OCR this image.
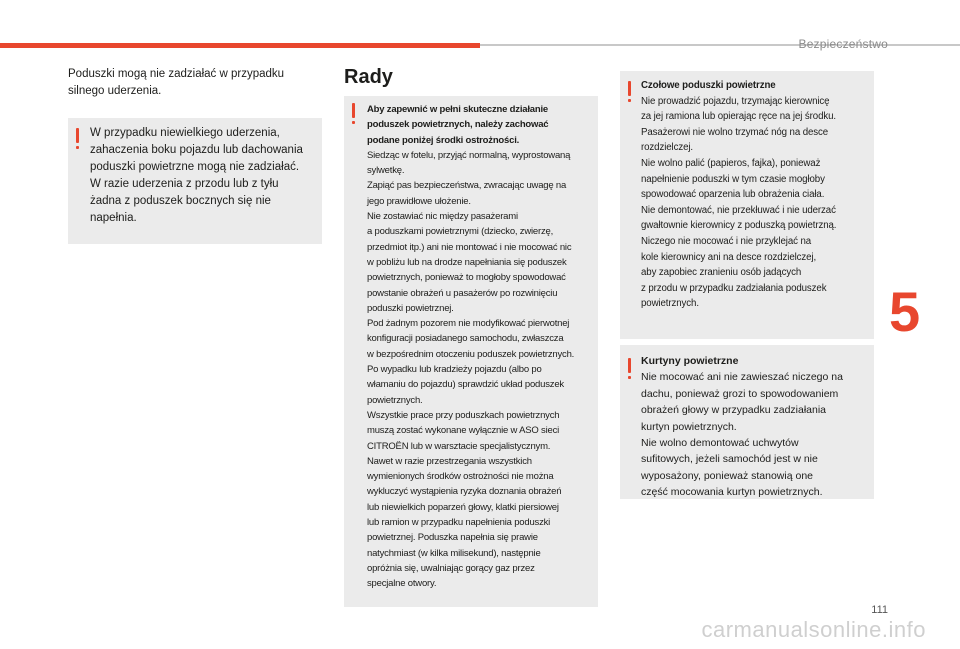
Bezpieczeństwo
Poduszki mogą nie zadziałać w przypadku
silnego uderzenia.
W przypadku niewielkiego uderzenia,
zahaczenia boku pojazdu lub dachowania
poduszki powietrzne mogą nie zadziałać.
W razie uderzenia z przodu lub z tyłu
żadna z poduszek bocznych się nie
napełnia.
Rady
Aby zapewnić w pełni skuteczne działanie
poduszek powietrznych, należy zachować
podane poniżej środki ostrożności.
Siedząc w fotelu, przyjąć normalną, wyprostowaną
sylwetkę.
Zapiąć pas bezpieczeństwa, zwracając uwagę na
jego prawidłowe ułożenie.
Nie zostawiać nic między pasażerami
a poduszkami powietrznymi (dziecko, zwierzę,
przedmiot itp.) ani nie montować i nie mocować nic
w pobliżu lub na drodze napełniania się poduszek
powietrznych, ponieważ to mogłoby spowodować
powstanie obrażeń u pasażerów po rozwinięciu
poduszki powietrznej.
Pod żadnym pozorem nie modyfikować pierwotnej
konfiguracji posiadanego samochodu, zwłaszcza
w bezpośrednim otoczeniu poduszek powietrznych.
Po wypadku lub kradzieży pojazdu (albo po
włamaniu do pojazdu) sprawdzić układ poduszek
powietrznych.
Wszystkie prace przy poduszkach powietrznych
muszą zostać wykonane wyłącznie w ASO sieci
CITROËN lub w warsztacie specjalistycznym.
Nawet w razie przestrzegania wszystkich
wymienionych środków ostrożności nie można
wykluczyć wystąpienia ryzyka doznania obrażeń
lub niewielkich poparzeń głowy, klatki piersiowej
lub ramion w przypadku napełnienia poduszki
powietrznej. Poduszka napełnia się prawie
natychmiast (w kilka milisekund), następnie
opróżnia się, uwalniając gorący gaz przez
specjalne otwory.
Czołowe poduszki powietrzne
Nie prowadzić pojazdu, trzymając kierownicę
za jej ramiona lub opierając ręce na jej środku.
Pasażerowi nie wolno trzymać nóg na desce
rozdzielczej.
Nie wolno palić (papieros, fajka), ponieważ
napełnienie poduszki w tym czasie mogłoby
spowodować oparzenia lub obrażenia ciała.
Nie demontować, nie przekłuwać i nie uderzać
gwałtownie kierownicy z poduszką powietrzną.
Niczego nie mocować i nie przyklejać na
kole kierownicy ani na desce rozdzielczej,
aby zapobiec zranieniu osób jadących
z przodu w przypadku zadziałania poduszek
powietrznych.
Kurtyny powietrzne
Nie mocować ani nie zawieszać niczego na
dachu, ponieważ grozi to spowodowaniem
obrażeń głowy w przypadku zadziałania
kurtyn powietrznych.
Nie wolno demontować uchwytów
sufitowych, jeżeli samochód jest w nie
wyposażony, ponieważ stanowią one
część mocowania kurtyn powietrznych.
5
111
carmanualsonline.info
